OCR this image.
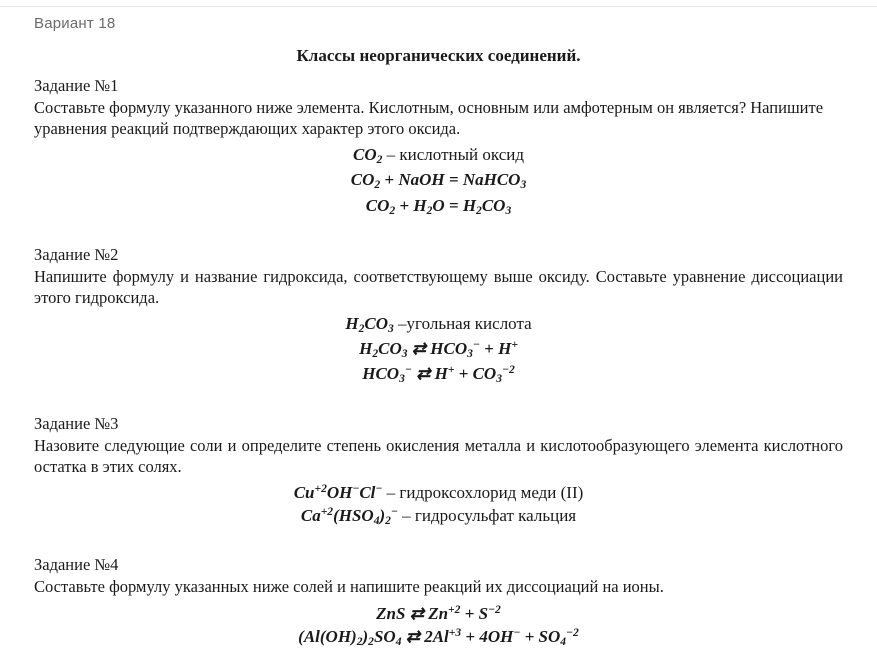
Вариант 18
Классы неорганических соединений.
Задание №1
Составьте формулу указанного ниже элемента. Кислотным, основным или амфотерным он является? Напишите уравнения реакций подтверждающих характер этого оксида.
$CO_2$ – кислотный оксид
$CO_2$ + NaOH = NaHCO$_3$
$CO_2 + H_2O = H_2CO_3$
Задание №2
Напишите формулу и название гидроксида, соответствующему выше оксиду. Составьте уравнение диссоциации этого гидроксида.
$H_2CO_3$ –угольная кислота
$H_2CO_3$ ⇄ $HCO_3^- + H^+$
$HCO_3^-$ ⇄ $H^+ + CO_3^{-2}$
Задание №3
Назовите следующие соли и определите степень окисления металла и кислотообразующего элемента кислотного остатка в этих солях.
$Cu^{+2}OH^-Cl^-$ – гидроксохлорид меди (II)
$Ca^{+2}(HSO_4)_2^-$ – гидросульфат кальция
Задание №4
Составьте формулу указанных ниже солей и напишите реакций их диссоциаций на ионы.
ZnS ⇄ $Zn^{+2} + S^{-2}$
$(Al(OH)_2)_2SO_4$ ⇄ $2Al^{+3} + 4OH^- + SO_4^{-2}$
